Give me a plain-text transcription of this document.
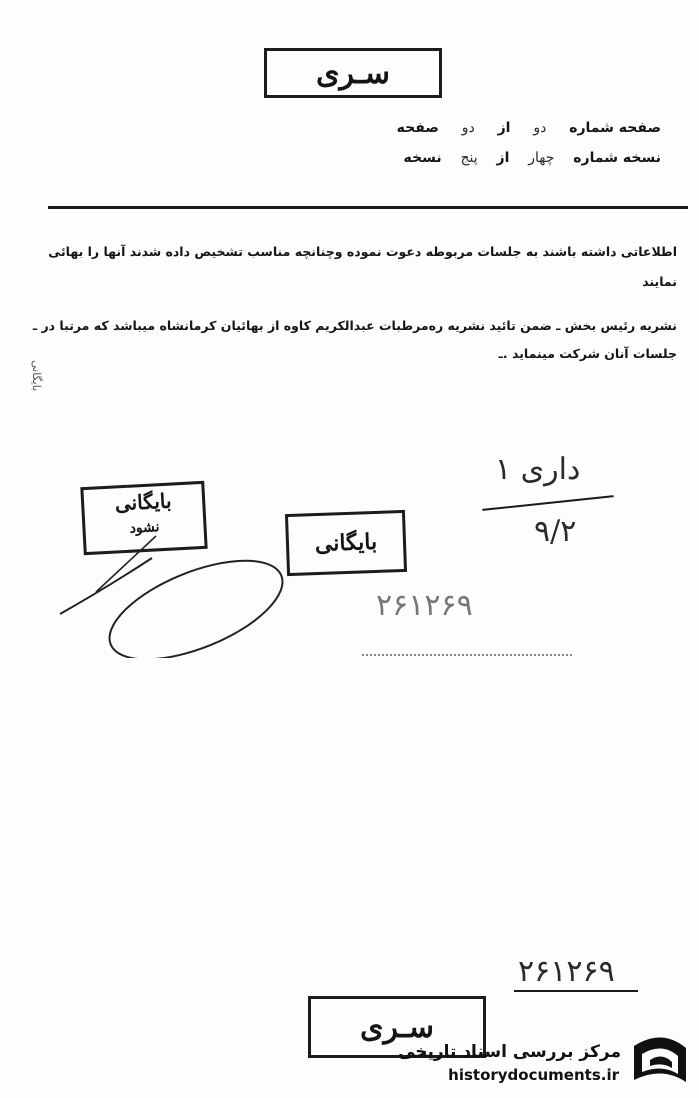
سـری
صفحه شماره دو از دو صفحه
نسخه شماره چهار از پنج نسخه
اطلاعاتی داشته باشند به جلسات مربوطه دعوت نموده وچنانچه مناسب تشخیص داده شدند آنها را بهائی
نمایند
نشریه رئیس بخش ـ ضمن تائید نشریه ره‌مرطبات عبدالکریم کاوه از بهائیان کرمانشاه میباشد که مرتبا در ـ
جلسات آنان شرکت مینماید .ـ
بایگانی
بایگانی
نشود
بایگانی
داری ۱
۹/۲
۲۶۱۲۶۹
۲۶۱۲۶۹
سـری
مرکز بررسی اسناد تاریخی
historydocuments.ir
